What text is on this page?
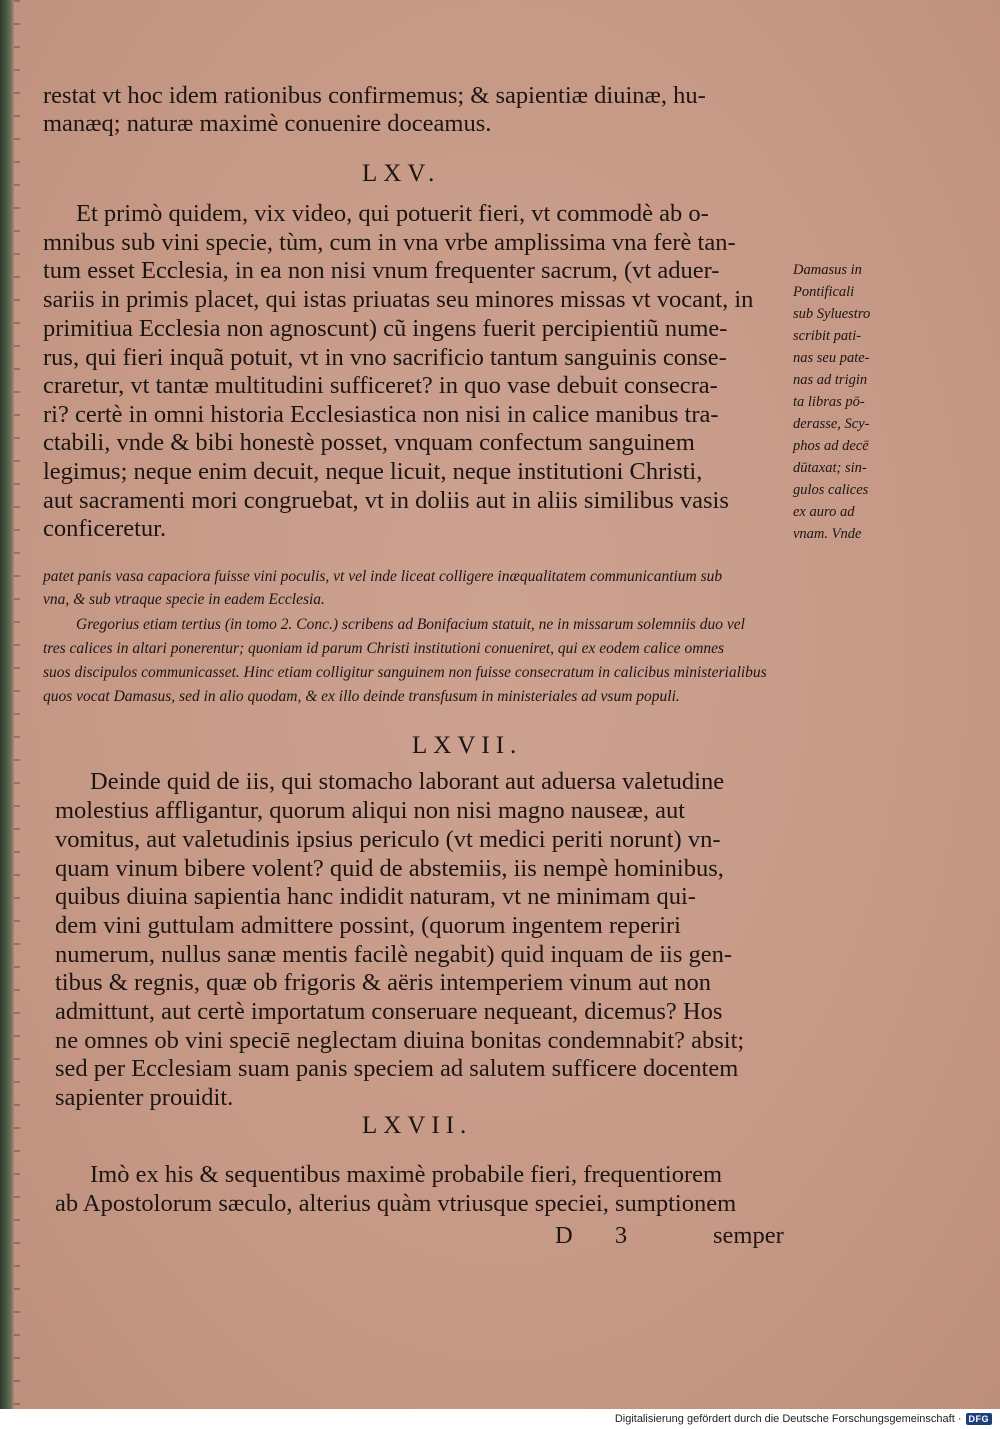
restat vt hoc idem rationibus confirmemus; & sapientiæ diuinæ, hu-
manæq; naturæ maximè conuenire doceamus.
LXV.
Et primò quidem, vix video, qui potuerit fieri, vt commodè ab o-
mnibus sub vini specie, tùm, cum in vna vrbe amplissima vna ferè tan-
tum esset Ecclesia, in ea non nisi vnum frequenter sacrum, (vt aduer-
sariis in primis placet, qui istas priuatas seu minores missas vt vocant, in
primitiua Ecclesia non agnoscunt) cũ ingens fuerit percipientiũ nume-
rus, qui fieri inquã potuit, vt in vno sacrificio tantum sanguinis conse-
craretur, vt tantæ multitudini sufficeret? in quo vase debuit consecra-
ri? certè in omni historia Ecclesiastica non nisi in calice manibus tra-
ctabili, vnde & bibi honestè posset, vnquam confectum sanguinem
legimus; neque enim decuit, neque licuit, neque institutioni Christi,
aut sacramenti mori congruebat, vt in doliis aut in aliis similibus vasis
conficeretur.
Damasus in
Pontificali
sub Syluestro
scribit pati-
nas seu pate-
nas ad trigin
ta libras pō-
derasse, Scy-
phos ad decē
dūtaxat; sin-
gulos calices
ex auro ad
vnam. Vnde
patet panis vasa capaciora fuisse vini poculis, vt vel inde liceat colligere inæqualitatem communicantium sub
vna, & sub vtraque specie in eadem Ecclesia.
Gregorius etiam tertius (in tomo 2. Conc.) scribens ad Bonifacium statuit, ne in missarum solemniis duo vel
tres calices in altari ponerentur; quoniam id parum Christi institutioni conueniret, qui ex eodem calice omnes
suos discipulos communicasset. Hinc etiam colligitur sanguinem non fuisse consecratum in calicibus ministerialibus
quos vocat Damasus, sed in alio quodam, & ex illo deinde transfusum in ministeriales ad vsum populi.
LXVII.
Deinde quid de iis, qui stomacho laborant aut aduersa valetudine
molestius affligantur, quorum aliqui non nisi magno nauseæ, aut
vomitus, aut valetudinis ipsius periculo (vt medici periti norunt) vn-
quam vinum bibere volent? quid de abstemiis, iis nempè hominibus,
quibus diuina sapientia hanc indidit naturam, vt ne minimam qui-
dem vini guttulam admittere possint, (quorum ingentem reperiri
numerum, nullus sanæ mentis facilè negabit) quid inquam de iis gen-
tibus & regnis, quæ ob frigoris & aëris intemperiem vinum aut non
admittunt, aut certè importatum conseruare nequeant, dicemus? Hos
ne omnes ob vini speciē neglectam diuina bonitas condemnabit? absit;
sed per Ecclesiam suam panis speciem ad salutem sufficere docentem
sapienter prouidit.
LXVII.
Imò ex his & sequentibus maximè probabile fieri, frequentiorem
ab Apostolorum sæculo, alterius quàm vtriusque speciei, sumptionem
D 3	semper
Digitalisierung gefördert durch die Deutsche Forschungsgemeinschaft · DFG
